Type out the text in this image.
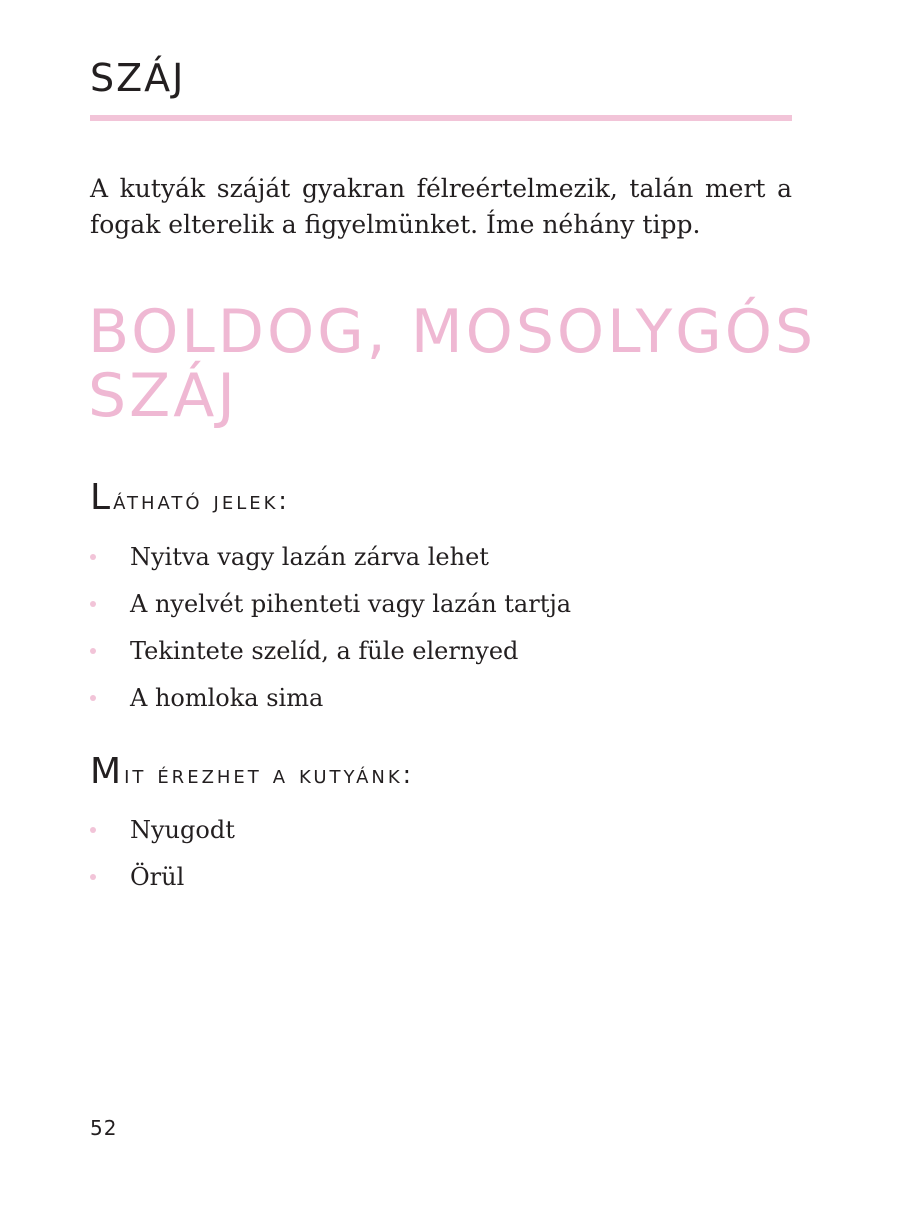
SZÁJ

A kutyák száját gyakran félreértelmezik, talán mert a fogak elterelik a figyelmünket. Íme néhány tipp.

BOLDOG, MOSOLYGÓS SZÁJ
Látható jelek:
Nyitva vagy lazán zárva lehet
A nyelvét pihenteti vagy lazán tartja
Tekintete szelíd, a füle elernyed
A homloka sima
Mit érezhet a kutyánk:
Nyugodt
Örül
52
